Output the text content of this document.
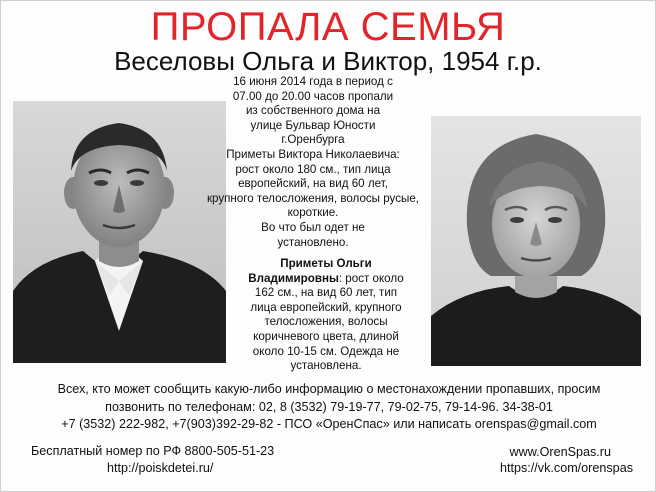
ПРОПАЛА СЕМЬЯ
Веселовы Ольга и Виктор, 1954 г.р.

16 июня 2014 года в период с

07.00 до 20.00 часов пропали

из собственного дома на

улице Бульвар Юности

г.Оренбурга

Приметы Виктора Николаевича:

рост около 180 см., тип лица

европейский, на вид 60 лет,

крупного телосложения, волосы русые,

короткие.

Во что был одет не

установлено.

Приметы Ольги
Владимировны: рост около
162 см., на вид 60 лет, тип
лица европейский, крупного
телосложения, волосы
коричневого цвета, длиной
около 10-15 см. Одежда не
установлена.

Всех, кто может сообщить какую-либо информацию о местонахождении пропавших, просим

позвонить по телефонам: 02, 8 (3532) 79-19-77, 79-02-75, 79-14-96. 34-38-01

+7 (3532) 222-982, +7(903)392-29-82 - ПСО «ОренСпас» или написать orenspas@gmail.com

Бесплатный номер по РФ 8800-505-51-23	www.OrenSpas.ru
http://poiskdetei.ru/	https://vk.com/orenspas
